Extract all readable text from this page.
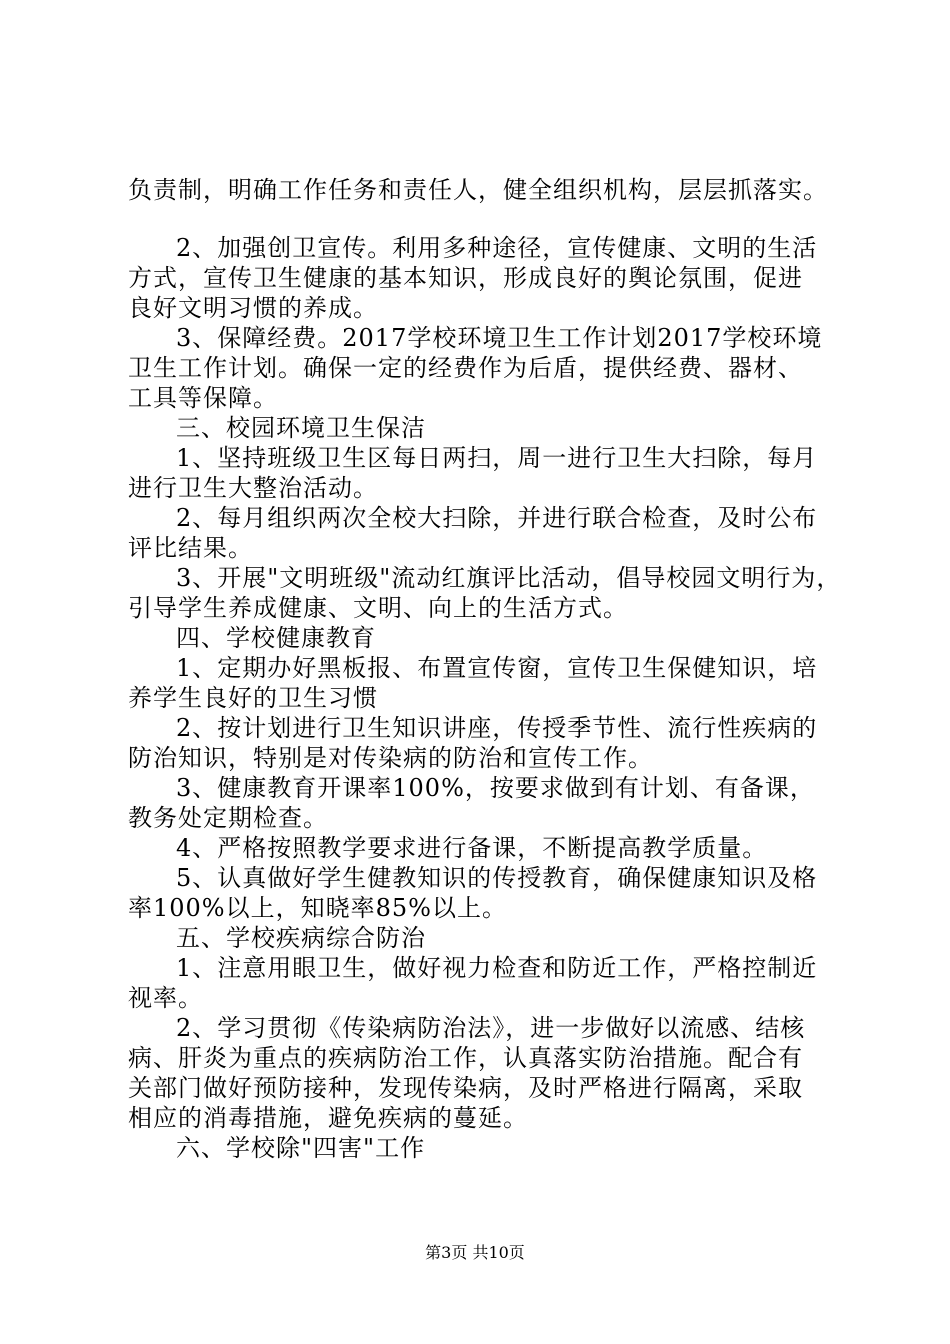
负责制，明确工作任务和责任人，健全组织机构，层层抓落实。
2、加强创卫宣传。利用多种途径，宣传健康、文明的生活
方式，宣传卫生健康的基本知识，形成良好的舆论氛围，促进
良好文明习惯的养成。
3、保障经费。2017学校环境卫生工作计划2017学校环境
卫生工作计划。确保一定的经费作为后盾，提供经费、器材、
工具等保障。
三、校园环境卫生保洁
1、坚持班级卫生区每日两扫，周一进行卫生大扫除，每月
进行卫生大整治活动。
2、每月组织两次全校大扫除，并进行联合检查，及时公布
评比结果。
3、开展"文明班级"流动红旗评比活动，倡导校园文明行为，
引导学生养成健康、文明、向上的生活方式。
四、学校健康教育
1、定期办好黑板报、布置宣传窗，宣传卫生保健知识，培
养学生良好的卫生习惯
2、按计划进行卫生知识讲座，传授季节性、流行性疾病的
防治知识，特别是对传染病的防治和宣传工作。
3、健康教育开课率100%，按要求做到有计划、有备课，
教务处定期检查。
4、严格按照教学要求进行备课，不断提高教学质量。
5、认真做好学生健教知识的传授教育，确保健康知识及格
率100%以上，知晓率85%以上。
五、学校疾病综合防治
1、注意用眼卫生，做好视力检查和防近工作，严格控制近
视率。
2、学习贯彻《传染病防治法》，进一步做好以流感、结核
病、肝炎为重点的疾病防治工作，认真落实防治措施。配合有
关部门做好预防接种，发现传染病，及时严格进行隔离，采取
相应的消毒措施，避免疾病的蔓延。
六、学校除"四害"工作
第3页 共10页
